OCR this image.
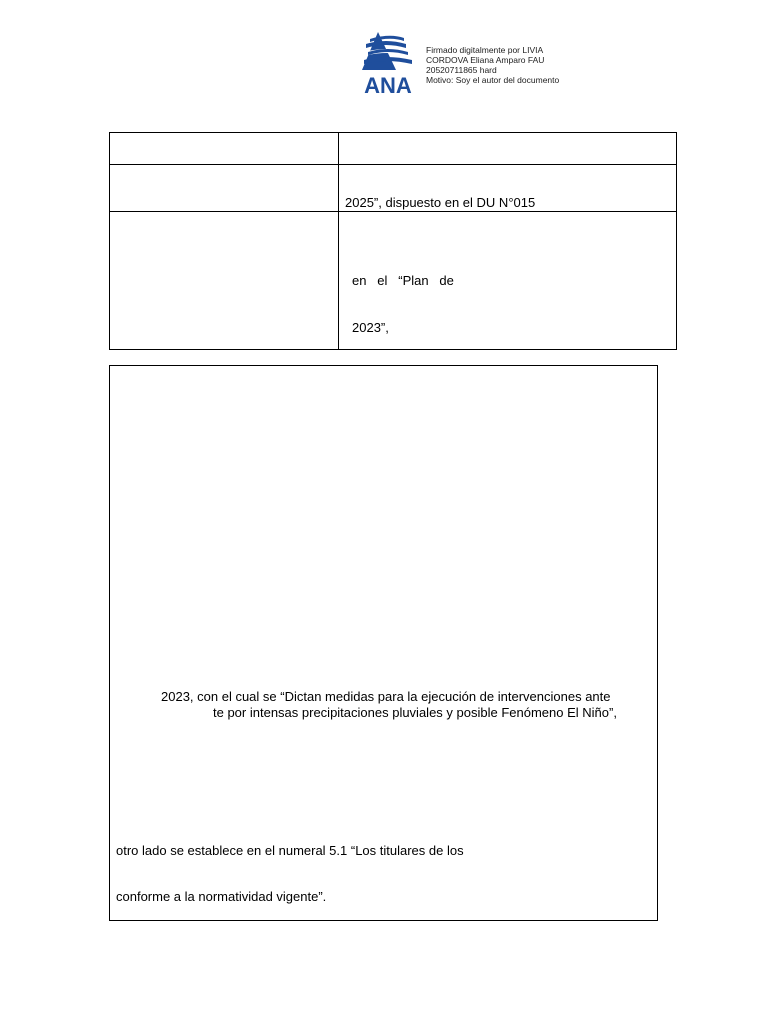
ANA
Firmado digitalmente por LIVIA
CORDOVA Eliana Amparo FAU
20520711865 hard
Motivo: Soy el autor del documento
2025”, dispuesto en el DU N°015
en   el   “Plan   de
2023”,
2023, con el cual se “Dictan medidas para la ejecución de intervenciones ante
te por intensas precipitaciones pluviales y posible Fenómeno El Niño”,
otro lado se establece en el numeral 5.1 “Los titulares de los
conforme a la normatividad vigente”.
